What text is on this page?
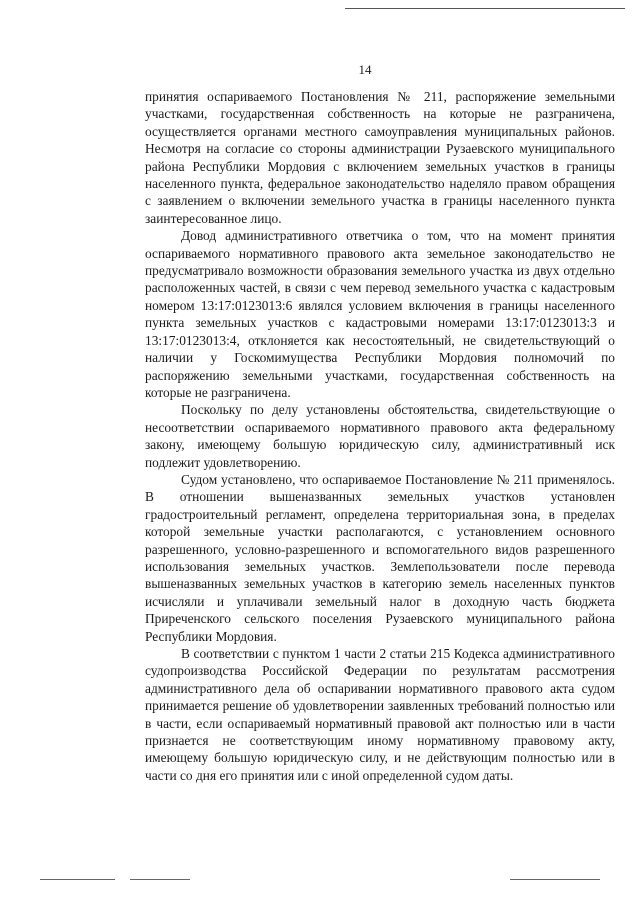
14

принятия оспариваемого Постановления № 211, распоряжение земельными участками, государственная собственность на которые не разграничена, осуществляется органами местного самоуправления муниципальных районов. Несмотря на согласие со стороны администрации Рузаевского муниципального района Республики Мордовия с включением земельных участков в границы населенного пункта, федеральное законодательство наделяло правом обращения с заявлением о включении земельного участка в границы населенного пункта заинтересованное лицо.

Довод административного ответчика о том, что на момент принятия оспариваемого нормативного правового акта земельное законодательство не предусматривало возможности образования земельного участка из двух отдельно расположенных частей, в связи с чем перевод земельного участка с кадастровым номером 13:17:0123013:6 являлся условием включения в границы населенного пункта земельных участков с кадастровыми номерами 13:17:0123013:3 и 13:17:0123013:4, отклоняется как несостоятельный, не свидетельствующий о наличии у Госкомимущества Республики Мордовия полномочий по распоряжению земельными участками, государственная собственность на которые не разграничена.

Поскольку по делу установлены обстоятельства, свидетельствующие о несоответствии оспариваемого нормативного правового акта федеральному закону, имеющему большую юридическую силу, административный иск подлежит удовлетворению.

Судом установлено, что оспариваемое Постановление № 211 применялось. В отношении вышеназванных земельных участков установлен градостроительный регламент, определена территориальная зона, в пределах которой земельные участки располагаются, с установлением основного разрешенного, условно-разрешенного и вспомогательного видов разрешенного использования земельных участков. Землепользователи после перевода вышеназванных земельных участков в категорию земель населенных пунктов исчисляли и уплачивали земельный налог в доходную часть бюджета Приреченского сельского поселения Рузаевского муниципального района Республики Мордовия.

В соответствии с пунктом 1 части 2 статьи 215 Кодекса административного судопроизводства Российской Федерации по результатам рассмотрения административного дела об оспаривании нормативного правового акта судом принимается решение об удовлетворении заявленных требований полностью или в части, если оспариваемый нормативный правовой акт полностью или в части признается не соответствующим иному нормативному правовому акту, имеющему большую юридическую силу, и не действующим полностью или в части со дня его принятия или с иной определенной судом даты.
